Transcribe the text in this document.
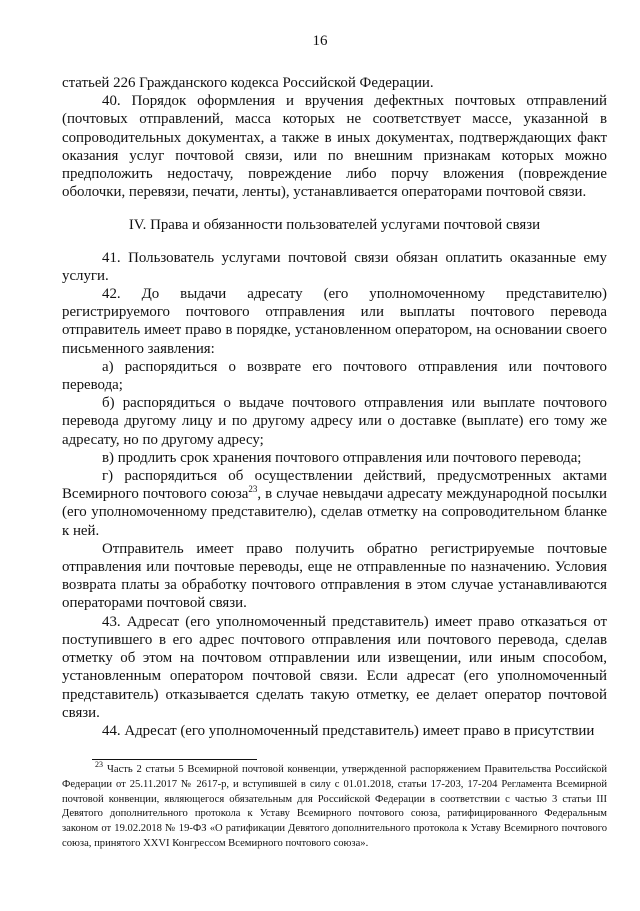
16

статьей 226 Гражданского кодекса Российской Федерации.

40. Порядок оформления и вручения дефектных почтовых отправлений (почтовых отправлений, масса которых не соответствует массе, указанной в сопроводительных документах, а также в иных документах, подтверждающих факт оказания услуг почтовой связи, или по внешним признакам которых можно предположить недостачу, повреждение либо порчу вложения (повреждение оболочки, перевязи, печати, ленты), устанавливается операторами почтовой связи.

IV. Права и обязанности пользователей услугами почтовой связи

41. Пользователь услугами почтовой связи обязан оплатить оказанные ему услуги.

42. До выдачи адресату (его уполномоченному представителю) регистрируемого почтового отправления или выплаты почтового перевода отправитель имеет право в порядке, установленном оператором, на основании своего письменного заявления:

а) распорядиться о возврате его почтового отправления или почтового перевода;

б) распорядиться о выдаче почтового отправления или выплате почтового перевода другому лицу и по другому адресу или о доставке (выплате) его тому же адресату, но по другому адресу;

в) продлить срок хранения почтового отправления или почтового перевода;

г) распорядиться об осуществлении действий, предусмотренных актами Всемирного почтового союза$^{23}$, в случае невыдачи адресату международной посылки (его уполномоченному представителю), сделав отметку на сопроводительном бланке к ней.

Отправитель имеет право получить обратно регистрируемые почтовые отправления или почтовые переводы, еще не отправленные по назначению. Условия возврата платы за обработку почтового отправления в этом случае устанавливаются операторами почтовой связи.

43. Адресат (его уполномоченный представитель) имеет право отказаться от поступившего в его адрес почтового отправления или почтового перевода, сделав отметку об этом на почтовом отправлении или извещении, или иным способом, установленным оператором почтовой связи. Если адресат (его уполномоченный представитель) отказывается сделать такую отметку, ее делает оператор почтовой связи.

44. Адресат (его уполномоченный представитель) имеет право в присутствии

$^{23}$ Часть 2 статьи 5 Всемирной почтовой конвенции, утвержденной распоряжением Правительства Российской Федерации от 25.11.2017 № 2617-р, и вступившей в силу с 01.01.2018, статьи 17-203, 17-204 Регламента Всемирной почтовой конвенции, являющегося обязательным для Российской Федерации в соответствии с частью 3 статьи III Девятого дополнительного протокола к Уставу Всемирного почтового союза, ратифицированного Федеральным законом от 19.02.2018 № 19-ФЗ «О ратификации Девятого дополнительного протокола к Уставу Всемирного почтового союза, принятого XXVI Конгрессом Всемирного почтового союза».
